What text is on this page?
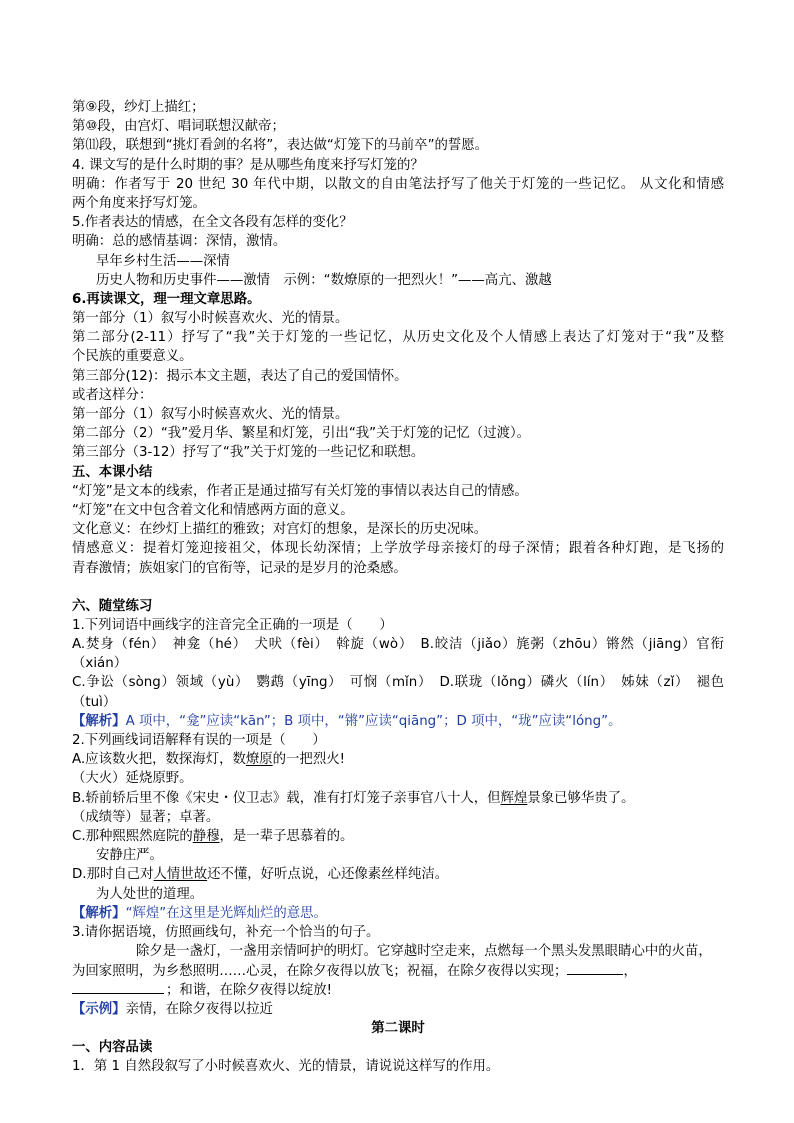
第⑨段，纱灯上描红；
第⑩段，由宫灯、唱词联想汉献帝；
第⑾段，联想到“挑灯看剑的名将”，表达做“灯笼下的马前卒”的誓愿。
4. 课文写的是什么时期的事？是从哪些角度来抒写灯笼的？
明确：作者写于 20 世纪 30 年代中期，以散文的自由笔法抒写了他关于灯笼的一些记忆。 从文化和情感
两个角度来抒写灯笼。
5.作者表达的情感，在全文各段有怎样的变化？
明确：总的感情基调：深情，激情。
早年乡村生活——深情
历史人物和历史事件——激情　示例：“数燎原的一把烈火！”——高亢、激越
6.再读课文，理一理文章思路。
第一部分（1）叙写小时候喜欢火、光的情景。
第二部分(2-11）抒写了“我”关于灯笼的一些记忆，从历史文化及个人情感上表达了灯笼对于“我”及整
个民族的重要意义。
第三部分(12)：揭示本文主题，表达了自己的爱国情怀。
或者这样分：
第一部分（1）叙写小时候喜欢火、光的情景。
第二部分（2）“我”爱月华、繁星和灯笼，引出“我”关于灯笼的记忆（过渡）。
第三部分（3-12）抒写了“我”关于灯笼的一些记忆和联想。
五、本课小结
“灯笼”是文本的线索，作者正是通过描写有关灯笼的事情以表达自己的情感。
“灯笼”在文中包含着文化和情感两方面的意义。
文化意义：在纱灯上描红的雅致；对宫灯的想象，是深长的历史况味。
情感意义：提着灯笼迎接祖父，体现长幼深情；上学放学母亲接灯的母子深情；跟着各种灯跑，是飞扬的
青春激情；族姐家门的官衔等，记录的是岁月的沧桑感。
六、随堂练习
1.下列词语中画线字的注音完全正确的一项是（　　）
A.焚身（fén）　神龛（hé）　犬吠（fèi）　斡旋（wò）　B.皎洁（jiǎo）旄粥（zhōu）锵然（jiāng）官衔
（xián）
C.争讼（sòng）领域（yù）　鹦鹉（yīng）　可悯（mǐn）　D.联珑（lǒng）磷火（lín）　姊妹（zǐ）　褪色
（tuì）
【解析】A 项中，“龛”应读“kān”；B 项中，“锵”应读“qiāng”；D 项中，“珑”应读“lóng”。
2.下列画线词语解释有误的一项是（　　）
A.应该数火把，数探海灯，数燎原的一把烈火!
（大火）延烧原野。
B.轿前轿后里不像《宋史・仪卫志》载，准有打灯笼子亲事官八十人，但辉煌景象已够华贵了。
（成绩等）显著；卓著。
C.那种熙熙然庭院的静穆，是一辈子思慕着的。
安静庄严。
D.那时自己对人情世故还不懂，好听点说，心还像素丝样纯洁。
为人处世的道理。
【解析】“辉煌”在这里是光辉灿烂的意思。
3.请你据语境，仿照画线句，补充一个恰当的句子。
除夕是一盏灯，一盏用亲情呵护的明灯。它穿越时空走来，点燃每一个黑头发黑眼睛心中的火苗，
为回家照明，为乡愁照明……心灵，在除夕夜得以放飞；祝福，在除夕夜得以实现；	，
；和谐，在除夕夜得以绽放!
【示例】亲情，在除夕夜得以拉近
第二课时
一、内容品读
1．第 1 自然段叙写了小时候喜欢火、光的情景，请说说这样写的作用。
